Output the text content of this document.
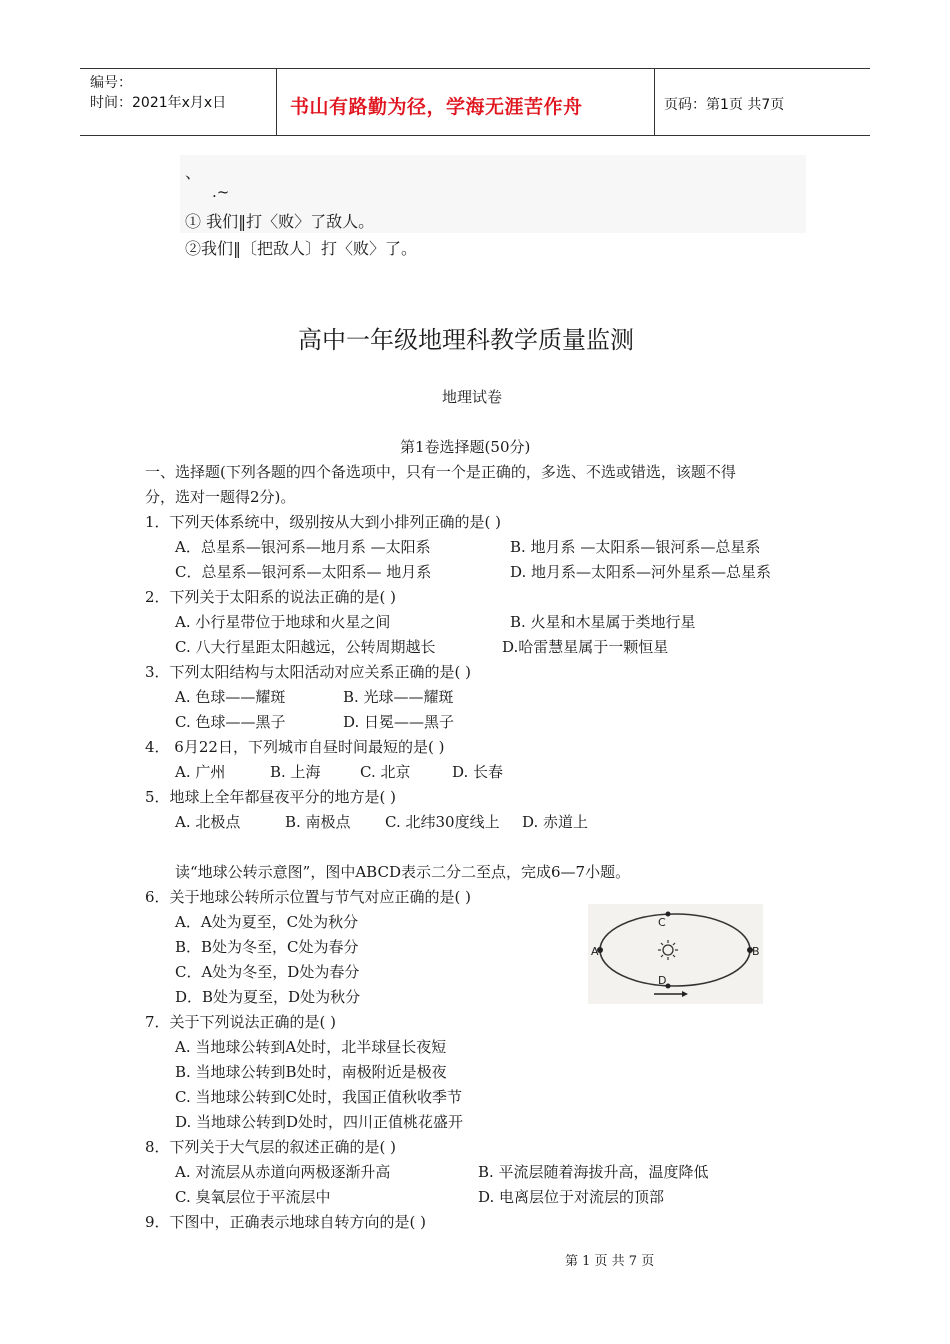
编号：
时间：2021年x月x日	书山有路勤为径，学海无涯苦作舟	页码：第1页 共7页
、
.~
① 我们‖打〈败〉了敌人。
②我们‖〔把敌人〕打〈败〉了。
高中一年级地理科教学质量监测
地理试卷
第1卷选择题(50分)
一、选择题(下列各题的四个备选项中，只有一个是正确的，多选、不选或错选，该题不得
分，选对一题得2分)。
1．下列天体系统中，级别按从大到小排列正确的是( )
A．总星系—银河系—地月系 —太阳系	B. 地月系 —太阳系—银河系—总星系
C．总星系—银河系—太阳系— 地月系	D. 地月系—太阳系—河外星系—总星系
2．下列关于太阳系的说法正确的是( )
A. 小行星带位于地球和火星之间	B. 火星和木星属于类地行星
C. 八大行星距太阳越远，公转周期越长	D.哈雷慧星属于一颗恒星
3．下列太阳结构与太阳活动对应关系正确的是( )
A. 色球——耀斑	B. 光球——耀斑
C. 色球——黑子	D. 日冕——黑子
4． 6月22日，下列城市自昼时间最短的是( )
A. 广州	B. 上海	C. 北京	D. 长春
5．地球上全年都昼夜平分的地方是( )
A. 北极点	B. 南极点 C. 北纬30度线上 D. 赤道上
读“地球公转示意图”，图中ABCD表示二分二至点，完成6—7小题。
6．关于地球公转所示位置与节气对应正确的是( )
A．A处为夏至，C处为秋分
B．B处为冬至，C处为春分
C．A处为冬至，D处为春分
D．B处为夏至，D处为秋分
A	B
C
D
7．关于下列说法正确的是( )
A. 当地球公转到A处时，北半球昼长夜短
B. 当地球公转到B处时，南极附近是极夜
C. 当地球公转到C处时，我国正值秋收季节
D. 当地球公转到D处时，四川正值桃花盛开
8．下列关于大气层的叙述正确的是( )
A. 对流层从赤道向两极逐渐升高	B. 平流层随着海拔升高，温度降低
C. 臭氧层位于平流层中	D. 电离层位于对流层的顶部
9．下图中，正确表示地球自转方向的是( )
第 1 页 共 7 页
